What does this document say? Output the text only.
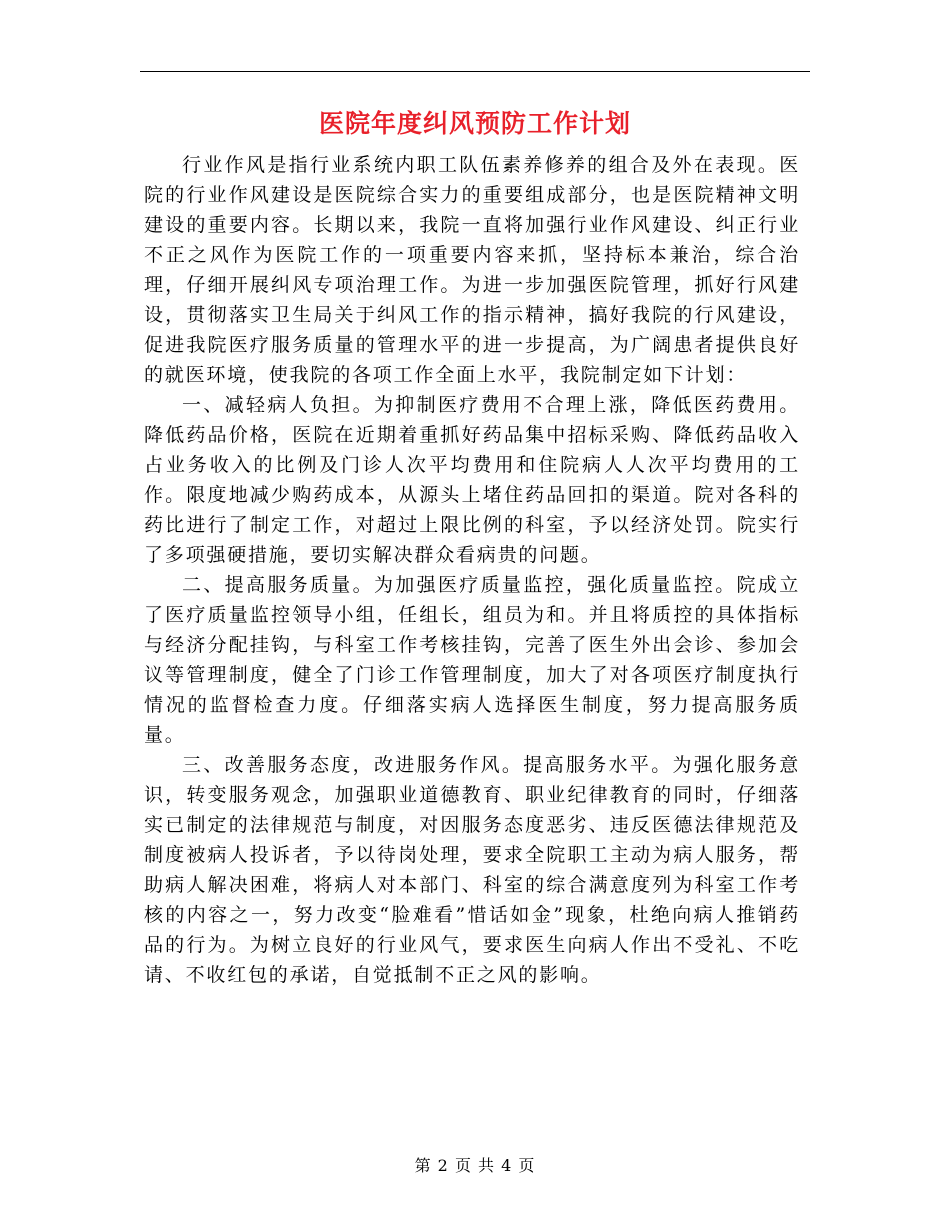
医院年度纠风预防工作计划

行业作风是指行业系统内职工队伍素养修养的组合及外在表现。医院的行业作风建设是医院综合实力的重要组成部分，也是医院精神文明建设的重要内容。长期以来，我院一直将加强行业作风建设、纠正行业不正之风作为医院工作的一项重要内容来抓，坚持标本兼治，综合治理，仔细开展纠风专项治理工作。为进一步加强医院管理，抓好行风建设，贯彻落实卫生局关于纠风工作的指示精神，搞好我院的行风建设，促进我院医疗服务质量的管理水平的进一步提高，为广阔患者提供良好的就医环境，使我院的各项工作全面上水平，我院制定如下计划：

一、减轻病人负担。为抑制医疗费用不合理上涨，降低医药费用。降低药品价格，医院在近期着重抓好药品集中招标采购、降低药品收入占业务收入的比例及门诊人次平均费用和住院病人人次平均费用的工作。限度地减少购药成本，从源头上堵住药品回扣的渠道。院对各科的药比进行了制定工作，对超过上限比例的科室，予以经济处罚。院实行了多项强硬措施，要切实解决群众看病贵的问题。

二、提高服务质量。为加强医疗质量监控，强化质量监控。院成立了医疗质量监控领导小组，任组长，组员为和。并且将质控的具体指标与经济分配挂钩，与科室工作考核挂钩，完善了医生外出会诊、参加会议等管理制度，健全了门诊工作管理制度，加大了对各项医疗制度执行情况的监督检查力度。仔细落实病人选择医生制度，努力提高服务质量。

三、改善服务态度，改进服务作风。提高服务水平。为强化服务意识，转变服务观念，加强职业道德教育、职业纪律教育的同时，仔细落实已制定的法律规范与制度，对因服务态度恶劣、违反医德法律规范及制度被病人投诉者，予以待岗处理，要求全院职工主动为病人服务，帮助病人解决困难，将病人对本部门、科室的综合满意度列为科室工作考核的内容之一，努力改变“脸难看”惜话如金”现象，杜绝向病人推销药品的行为。为树立良好的行业风气，要求医生向病人作出不受礼、不吃请、不收红包的承诺，自觉抵制不正之风的影响。

第 2 页 共 4 页
